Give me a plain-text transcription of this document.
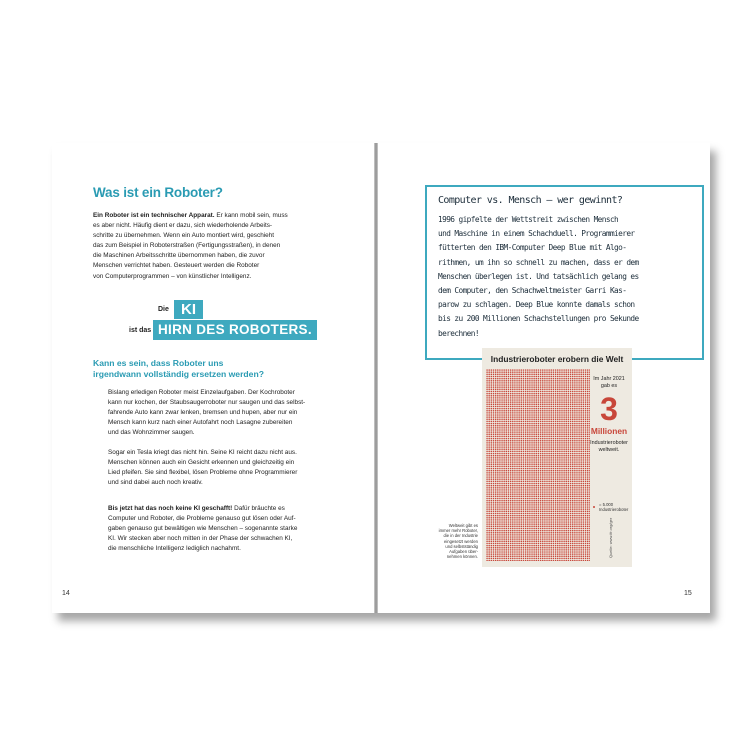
Was ist ein Roboter?
Ein Roboter ist ein technischer Apparat. Er kann mobil sein, muss
es aber nicht. Häufig dient er dazu, sich wiederholende Arbeits-
schritte zu übernehmen. Wenn ein Auto montiert wird, geschieht
das zum Beispiel in Roboterstraßen (Fertigungsstraßen), in denen
die Maschinen Arbeitsschritte übernommen haben, die zuvor
Menschen verrichtet haben. Gesteuert werden die Roboter
von Computerprogrammen – von künstlicher Intelligenz.
Die KI
ist das HIRN DES ROBOTERS.
Kann es sein, dass Roboter uns
irgendwann vollständig ersetzen werden?
Bislang erledigen Roboter meist Einzelaufgaben. Der Kochroboter
kann nur kochen, der Staubsaugerroboter nur saugen und das selbst-
fahrende Auto kann zwar lenken, bremsen und hupen, aber nur ein
Mensch kann kurz nach einer Autofahrt noch Lasagne zubereiten
und das Wohnzimmer saugen.
Sogar ein Tesla kriegt das nicht hin. Seine KI reicht dazu nicht aus.
Menschen können auch ein Gesicht erkennen und gleichzeitig ein
Lied pfeifen. Sie sind flexibel, lösen Probleme ohne Programmierer
und sind dabei auch noch kreativ.
Bis jetzt hat das noch keine KI geschafft! Dafür bräuchte es
Computer und Roboter, die Probleme genauso gut lösen oder Auf-
gaben genauso gut bewältigen wie Menschen – sogenannte starke
KI. Wir stecken aber noch mitten in der Phase der schwachen KI,
die menschliche Intelligenz lediglich nachahmt.
14
Computer vs. Mensch – wer gewinnt?
1996 gipfelte der Wettstreit zwischen Mensch
und Maschine in einem Schachduell. Programmierer
fütterten den IBM-Computer Deep Blue mit Algo-
rithmen, um ihn so schnell zu machen, dass er dem
Menschen überlegen ist. Und tatsächlich gelang es
dem Computer, den Schachweltmeister Garri Kas-
parow zu schlagen. Deep Blue konnte damals schon
bis zu 200 Millionen Schachstellungen pro Sekunde
berechnen!
Weltweit gibt es
immer mehr Roboter,
die in der Industrie
eingesetzt werden
und selbstständig
Aufgaben über-
nehmen können.
Industrieroboter erobern die Welt
Im Jahr 2021
gab es
3
Millionen
Industrieroboter
weltweit.
= 5.000
Industrieroboter
Quelle: www.ifr.org/ger
15
